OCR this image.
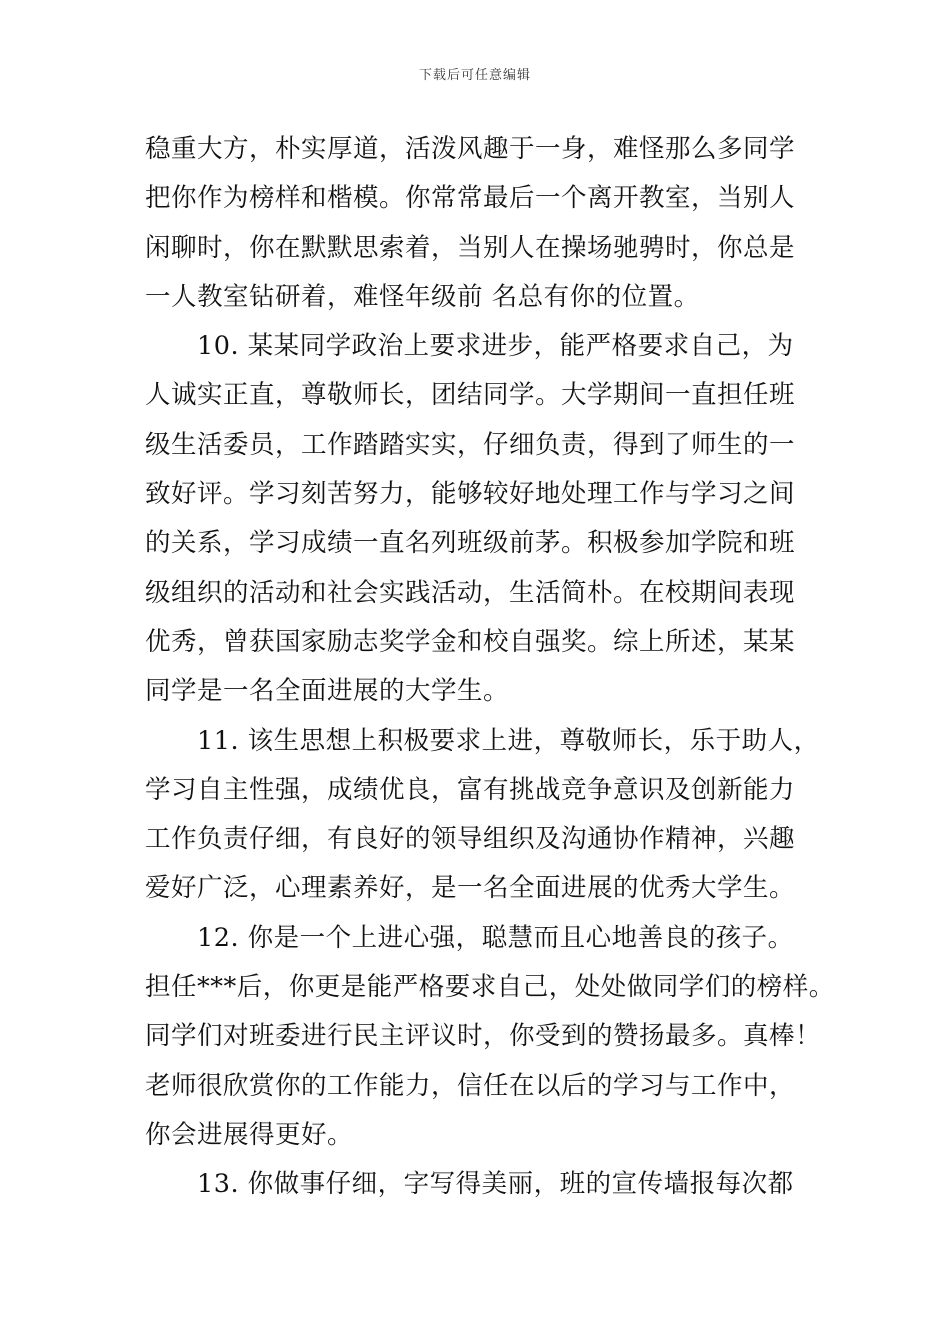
下载后可任意编辑
稳重大方，朴实厚道，活泼风趣于一身，难怪那么多同学
把你作为榜样和楷模。你常常最后一个离开教室，当别人
闲聊时，你在默默思索着，当别人在操场驰骋时，你总是
一人教室钻研着，难怪年级前 名总有你的位置。
10. 某某同学政治上要求进步，能严格要求自己，为
人诚实正直，尊敬师长，团结同学。大学期间一直担任班
级生活委员，工作踏踏实实，仔细负责，得到了师生的一
致好评。学习刻苦努力，能够较好地处理工作与学习之间
的关系，学习成绩一直名列班级前茅。积极参加学院和班
级组织的活动和社会实践活动，生活简朴。在校期间表现
优秀，曾获国家励志奖学金和校自强奖。综上所述，某某
同学是一名全面进展的大学生。
11. 该生思想上积极要求上进，尊敬师长，乐于助人，
学习自主性强，成绩优良，富有挑战竞争意识及创新能力
工作负责仔细，有良好的领导组织及沟通协作精神，兴趣
爱好广泛，心理素养好，是一名全面进展的优秀大学生。
12. 你是一个上进心强，聪慧而且心地善良的孩子。
担任***后，你更是能严格要求自己，处处做同学们的榜样。
同学们对班委进行民主评议时，你受到的赞扬最多。真棒！
老师很欣赏你的工作能力，信任在以后的学习与工作中，
你会进展得更好。
13. 你做事仔细，字写得美丽，班的宣传墙报每次都
